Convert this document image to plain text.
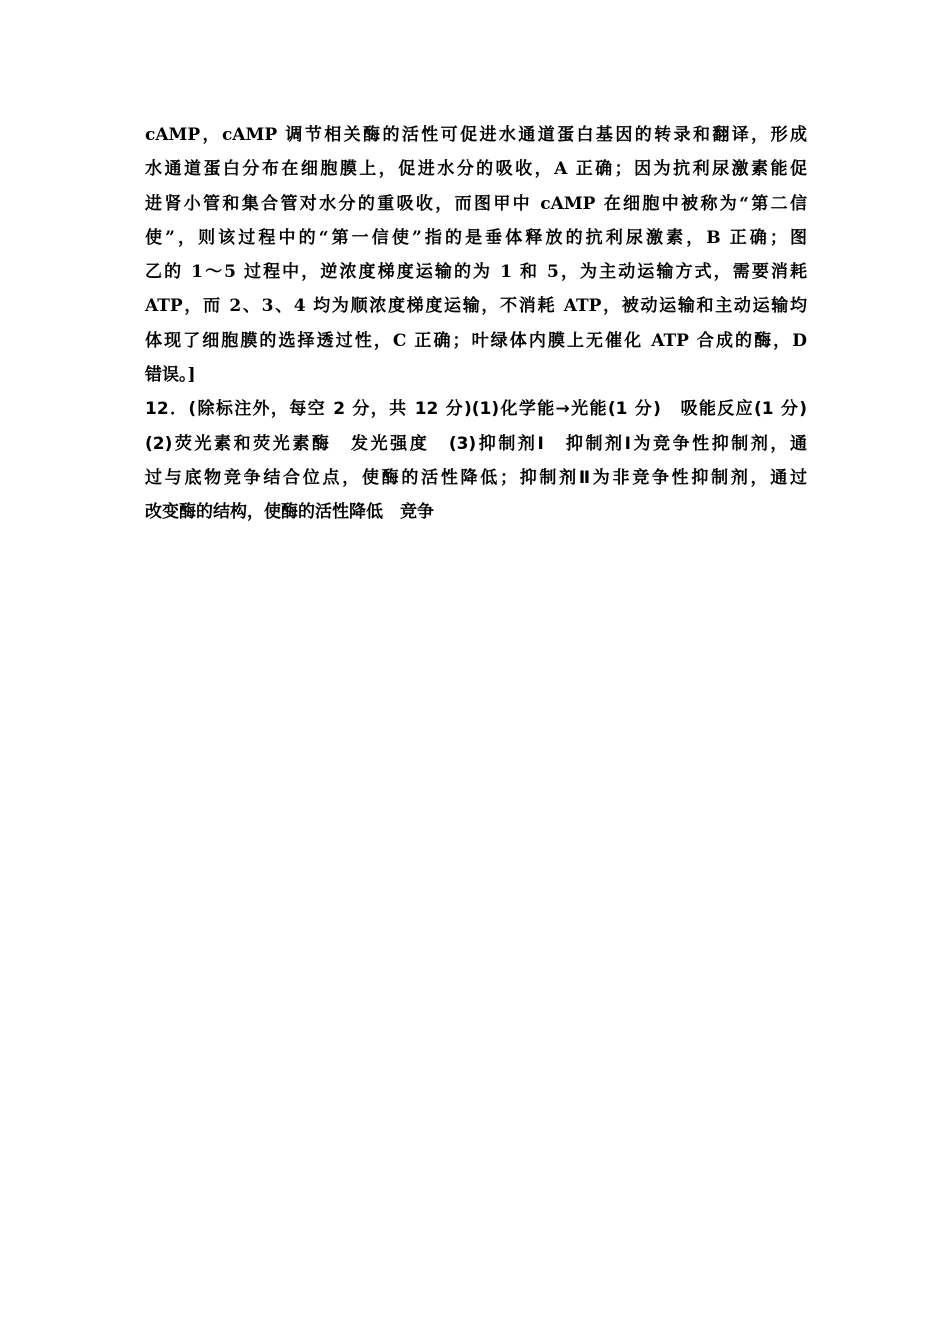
cAMP，cAMP 调节相关酶的活性可促进水通道蛋白基因的转录和翻译，形成
水通道蛋白分布在细胞膜上，促进水分的吸收，A 正确；因为抗利尿激素能促
进肾小管和集合管对水分的重吸收，而图甲中 cAMP 在细胞中被称为“第二信
使”，则该过程中的“第一信使”指的是垂体释放的抗利尿激素，B 正确；图
乙的 1～5 过程中，逆浓度梯度运输的为 1 和 5，为主动运输方式，需要消耗
ATP，而 2、3、4 均为顺浓度梯度运输，不消耗 ATP，被动运输和主动运输均
体现了细胞膜的选择透过性，C 正确；叶绿体内膜上无催化 ATP 合成的酶，D
错误。]
12．(除标注外，每空 2 分，共 12 分)(1)化学能→光能(1 分)　吸能反应(1 分)
(2)荧光素和荧光素酶　发光强度　(3)抑制剂Ⅰ　抑制剂Ⅰ为竞争性抑制剂，通
过与底物竞争结合位点，使酶的活性降低；抑制剂Ⅱ为非竞争性抑制剂，通过
改变酶的结构，使酶的活性降低　竞争
